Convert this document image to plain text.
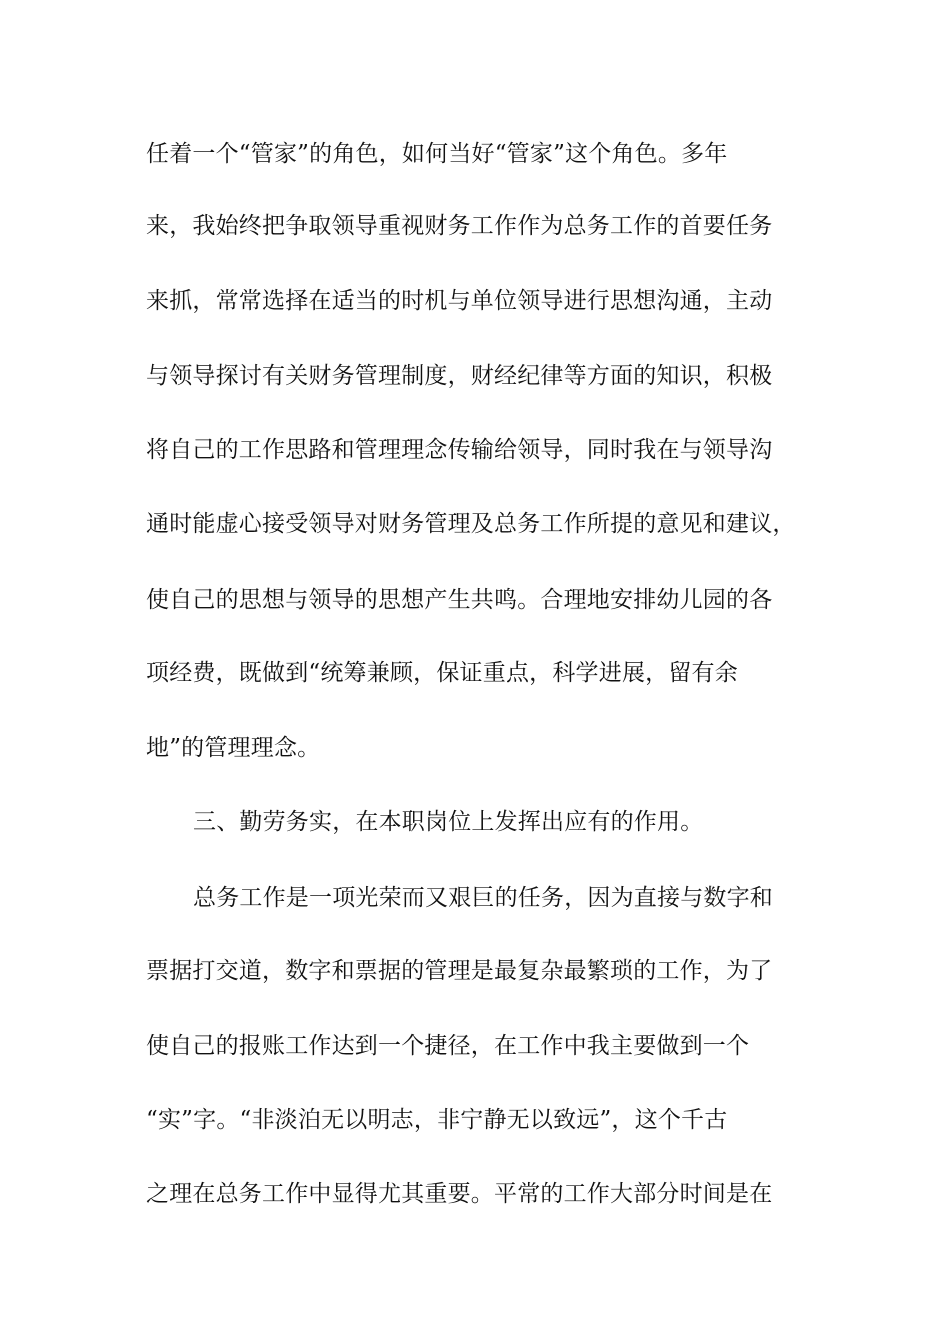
任着一个“管家”的角色，如何当好“管家”这个角色。多年
来，我始终把争取领导重视财务工作作为总务工作的首要任务
来抓，常常选择在适当的时机与单位领导进行思想沟通，主动
与领导探讨有关财务管理制度，财经纪律等方面的知识，积极
将自己的工作思路和管理理念传输给领导，同时我在与领导沟
通时能虚心接受领导对财务管理及总务工作所提的意见和建议，
使自己的思想与领导的思想产生共鸣。合理地安排幼儿园的各
项经费，既做到“统筹兼顾，保证重点，科学进展，留有余
地”的管理理念。
三、勤劳务实，在本职岗位上发挥出应有的作用。
总务工作是一项光荣而又艰巨的任务，因为直接与数字和
票据打交道，数字和票据的管理是最复杂最繁琐的工作，为了
使自己的报账工作达到一个捷径，在工作中我主要做到一个
“实”字。“非淡泊无以明志，非宁静无以致远”，这个千古
之理在总务工作中显得尤其重要。平常的工作大部分时间是在
